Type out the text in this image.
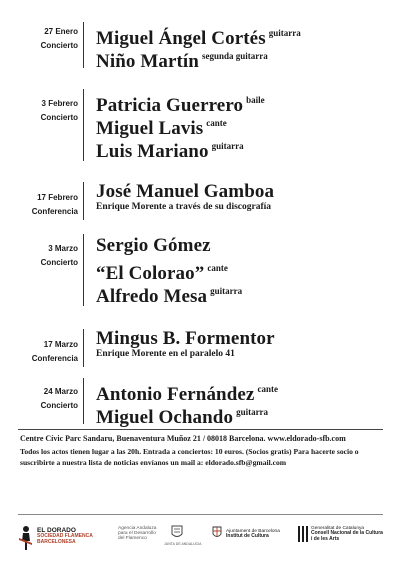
27 Enero
Concierto Miguel Ángel Cortés $^{guitarra}$
Niño Martín $^{segunda guitarra}$
3 Febrero
Concierto
Patricia Guerrero $^{baile}$
Miguel Lavis $^{cante}$
Luis Mariano $^{guitarra}$
17 Febrero
Conferencia
José Manuel Gamboa
Enrique Morente a través de su discografía
3 Marzo
Concierto
Sergio Gómez
“El Colorao” $^{cante}$
Alfredo Mesa $^{guitarra}$
17 Marzo
Conferencia
Mingus B. Formentor
Enrique Morente en el paralelo 41
24 Marzo
Concierto
Antonio Fernández $^{cante}$
Miguel Ochando $^{guitarra}$
Centre Cívic Parc Sandaru, Buenaventura Muñoz 21 / 08018 Barcelona. www.eldorado-sfb.com
Todos los actos tienen lugar a las 20h. Entrada a conciertos: 10 euros. (Socios gratis) Para hacerte socio o suscribirte a nuestra lista de noticias envíanos un mail a: eldorado.sfb@gmail.com
EL DORADO
SOCIEDAD FLAMENCA
BARCELONESA
Agencia Andaluza
para el Desarrollo
del Flamenco
JUNTA DE ANDALUCIA
Ajuntament de Barcelona
Institut de Cultura
Generalitat de Catalunya
Consell Nacional de la Cultura
i de les Arts
